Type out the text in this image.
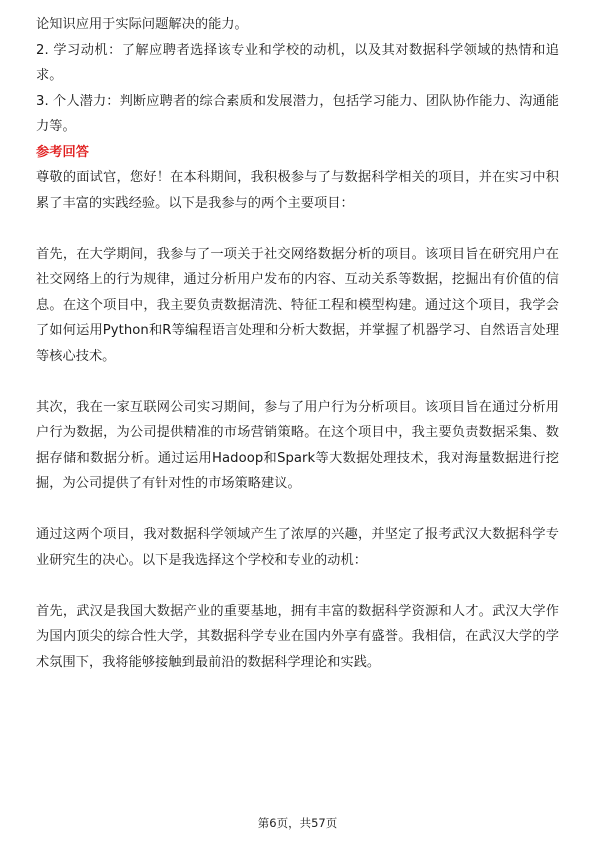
论知识应用于实际问题解决的能力。

2. 学习动机：了解应聘者选择该专业和学校的动机，以及其对数据科学领域的热情和追求。

3. 个人潜力：判断应聘者的综合素质和发展潜力，包括学习能力、团队协作能力、沟通能力等。

参考回答

尊敬的面试官，您好！在本科期间，我积极参与了与数据科学相关的项目，并在实习中积累了丰富的实践经验。以下是我参与的两个主要项目：

首先，在大学期间，我参与了一项关于社交网络数据分析的项目。该项目旨在研究用户在社交网络上的行为规律，通过分析用户发布的内容、互动关系等数据，挖掘出有价值的信息。在这个项目中，我主要负责数据清洗、特征工程和模型构建。通过这个项目，我学会了如何运用Python和R等编程语言处理和分析大数据，并掌握了机器学习、自然语言处理等核心技术。

其次，我在一家互联网公司实习期间，参与了用户行为分析项目。该项目旨在通过分析用户行为数据，为公司提供精准的市场营销策略。在这个项目中，我主要负责数据采集、数据存储和数据分析。通过运用Hadoop和Spark等大数据处理技术，我对海量数据进行挖掘，为公司提供了有针对性的市场策略建议。

通过这两个项目，我对数据科学领域产生了浓厚的兴趣，并坚定了报考武汉大数据科学专业研究生的决心。以下是我选择这个学校和专业的动机：

首先，武汉是我国大数据产业的重要基地，拥有丰富的数据科学资源和人才。武汉大学作为国内顶尖的综合性大学，其数据科学专业在国内外享有盛誉。我相信，在武汉大学的学术氛围下，我将能够接触到最前沿的数据科学理论和实践。

第6页，共57页
